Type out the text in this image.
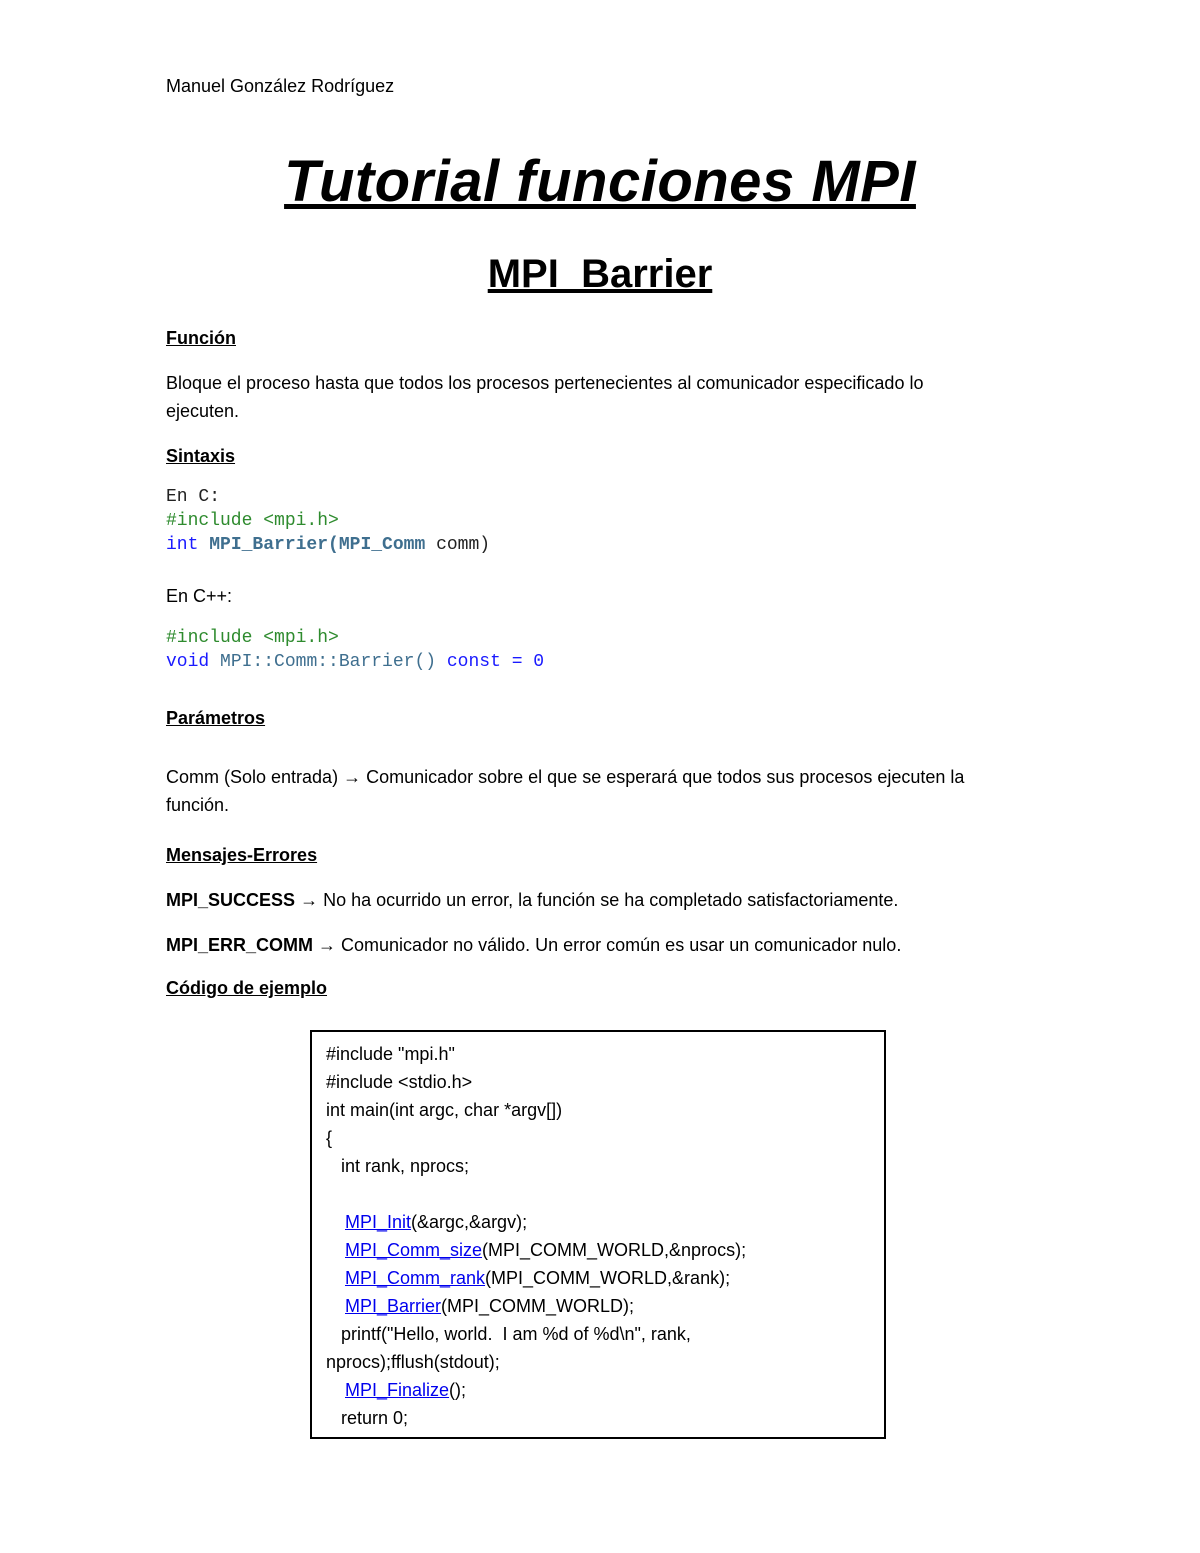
Manuel González Rodríguez
Tutorial funciones MPI
MPI_Barrier
Función
Bloque el proceso hasta que todos los procesos pertenecientes al comunicador especificado lo
ejecuten.
Sintaxis
En C:
#include <mpi.h>
int MPI_Barrier(MPI_Comm comm)
En C++:
#include <mpi.h>
void MPI::Comm::Barrier() const = 0
Parámetros
Comm (Solo entrada) → Comunicador sobre el que se esperará que todos sus procesos ejecuten la
función.
Mensajes-Errores
MPI_SUCCESS → No ha ocurrido un error, la función se ha completado satisfactoriamente.
MPI_ERR_COMM → Comunicador no válido. Un error común es usar un comunicador nulo.
Código de ejemplo
#include "mpi.h"
#include <stdio.h>
int main(int argc, char *argv[])
{
int rank, nprocs;
MPI_Init(&argc,&argv);
MPI_Comm_size(MPI_COMM_WORLD,&nprocs);
MPI_Comm_rank(MPI_COMM_WORLD,&rank);
MPI_Barrier(MPI_COMM_WORLD);
printf("Hello, world.  I am %d of %d\n", rank,
nprocs);fflush(stdout);
MPI_Finalize();
return 0;
